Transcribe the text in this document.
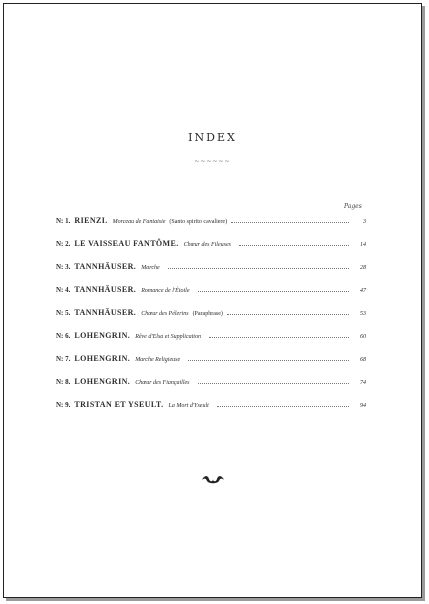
INDEX
~~~~~~
Pages
N: 1. RIENZI. Morceau de Fantaisie (Santo spirito cavaliere)	3
N: 2. LE VAISSEAU FANTÔME. Chœur des Fileuses	14
N: 3. TANNHÄUSER. Marche	28
N: 4. TANNHÄUSER. Romance de l'Étoile	47
N: 5. TANNHÄUSER. Chœur des Pélerins (Paraphrase)	53
N: 6. LOHENGRIN. Rêve d'Elsa et Supplication	60
N: 7. LOHENGRIN. Marche Religieuse	68
N: 8. LOHENGRIN. Chœur des Fiançailles	74
N: 9. TRISTAN ET YSEULT. La Mort d'Yseult	94
